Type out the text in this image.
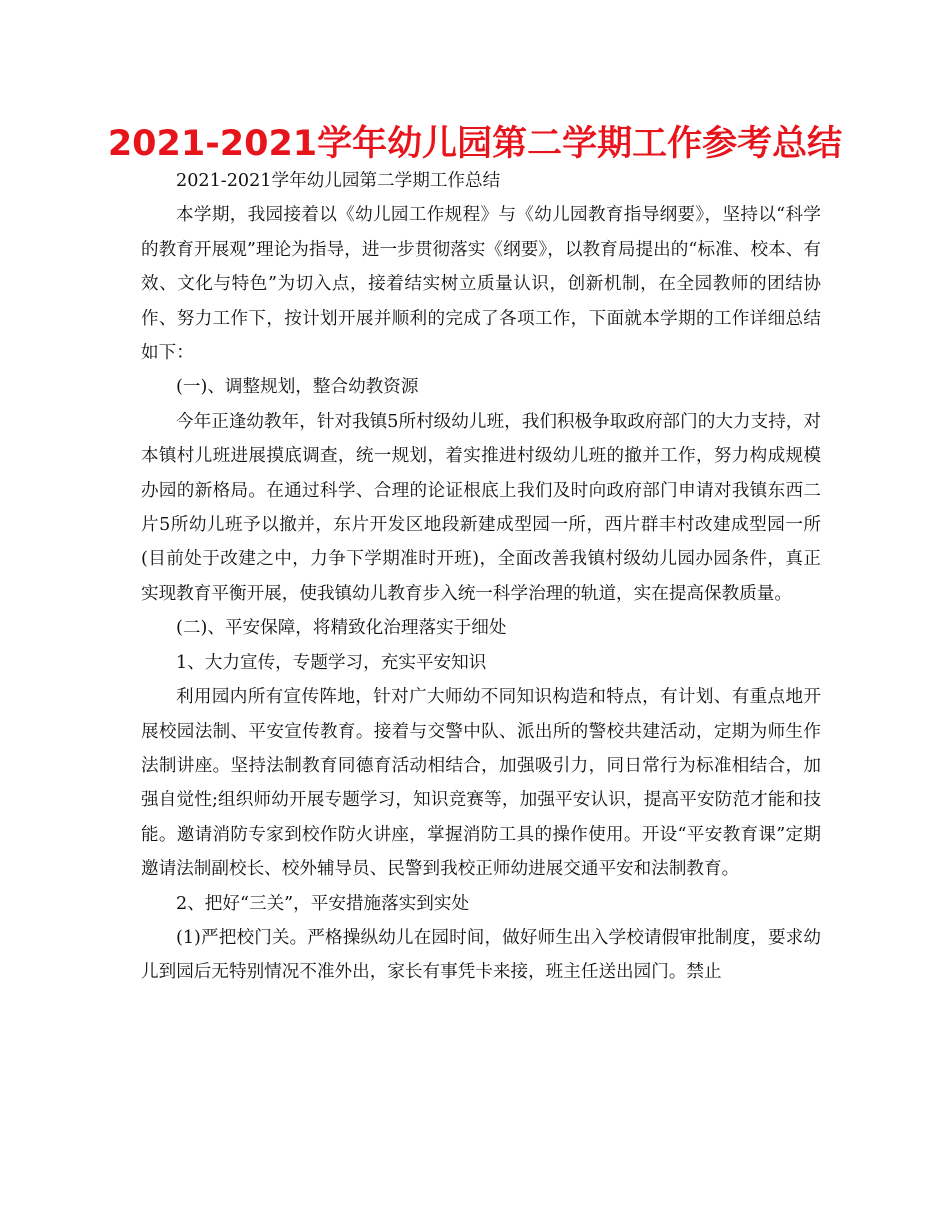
2021-2021学年幼儿园第二学期工作参考总结

2021-2021学年幼儿园第二学期工作总结

本学期，我园接着以《幼儿园工作规程》与《幼儿园教育指导纲要》，坚持以“科学的教育开展观”理论为指导，进一步贯彻落实《纲要》，以教育局提出的“标准、校本、有效、文化与特色”为切入点，接着结实树立质量认识，创新机制，在全园教师的团结协作、努力工作下，按计划开展并顺利的完成了各项工作，下面就本学期的工作详细总结如下：

(一)、调整规划，整合幼教资源

今年正逢幼教年，针对我镇5所村级幼儿班，我们积极争取政府部门的大力支持，对本镇村儿班进展摸底调查，统一规划，着实推进村级幼儿班的撤并工作，努力构成规模办园的新格局。在通过科学、合理的论证根底上我们及时向政府部门申请对我镇东西二片5所幼儿班予以撤并，东片开发区地段新建成型园一所，西片群丰村改建成型园一所(目前处于改建之中，力争下学期准时开班)，全面改善我镇村级幼儿园办园条件，真正实现教育平衡开展，使我镇幼儿教育步入统一科学治理的轨道，实在提高保教质量。

(二)、平安保障，将精致化治理落实于细处

1、大力宣传，专题学习，充实平安知识

利用园内所有宣传阵地，针对广大师幼不同知识构造和特点，有计划、有重点地开展校园法制、平安宣传教育。接着与交警中队、派出所的警校共建活动，定期为师生作法制讲座。坚持法制教育同德育活动相结合，加强吸引力，同日常行为标准相结合，加强自觉性;组织师幼开展专题学习，知识竞赛等，加强平安认识，提高平安防范才能和技能。邀请消防专家到校作防火讲座，掌握消防工具的操作使用。开设“平安教育课”定期邀请法制副校长、校外辅导员、民警到我校正师幼进展交通平安和法制教育。

2、把好“三关”，平安措施落实到实处

(1)严把校门关。严格操纵幼儿在园时间，做好师生出入学校请假审批制度，要求幼儿到园后无特别情况不准外出，家长有事凭卡来接，班主任送出园门。禁止
